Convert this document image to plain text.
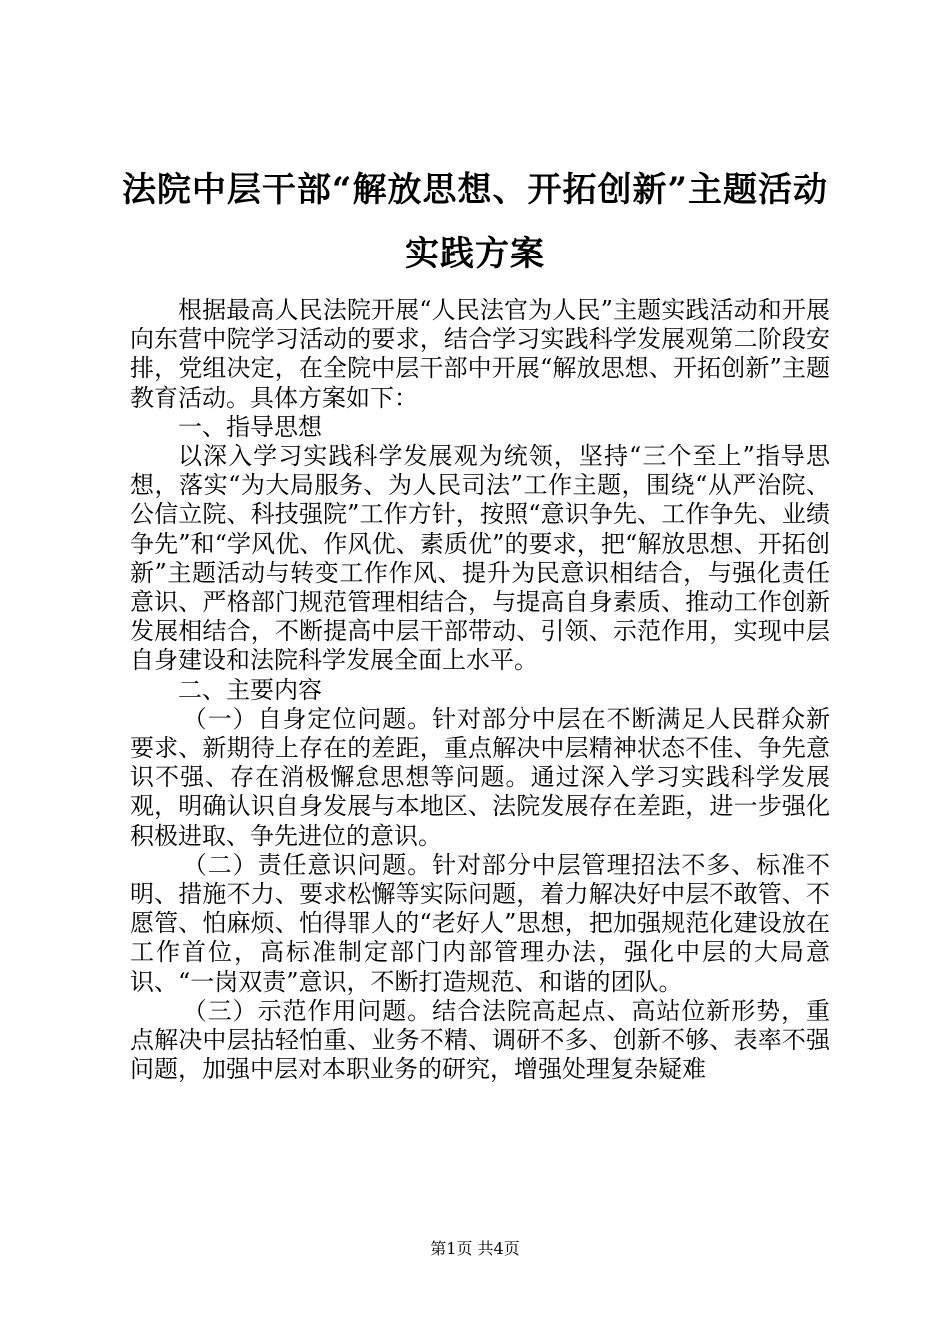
法院中层干部“解放思想、开拓创新”主题活动实践方案

根据最高人民法院开展“人民法官为人民”主题实践活动和开展向东营中院学习活动的要求，结合学习实践科学发展观第二阶段安排，党组决定，在全院中层干部中开展“解放思想、开拓创新”主题教育活动。具体方案如下：

一、指导思想

以深入学习实践科学发展观为统领，坚持“三个至上”指导思想，落实“为大局服务、为人民司法”工作主题，围绕“从严治院、公信立院、科技强院”工作方针，按照“意识争先、工作争先、业绩争先”和“学风优、作风优、素质优”的要求，把“解放思想、开拓创新”主题活动与转变工作作风、提升为民意识相结合，与强化责任意识、严格部门规范管理相结合，与提高自身素质、推动工作创新发展相结合，不断提高中层干部带动、引领、示范作用，实现中层自身建设和法院科学发展全面上水平。

二、主要内容

（一）自身定位问题。针对部分中层在不断满足人民群众新要求、新期待上存在的差距，重点解决中层精神状态不佳、争先意识不强、存在消极懈怠思想等问题。通过深入学习实践科学发展观，明确认识自身发展与本地区、法院发展存在差距，进一步强化积极进取、争先进位的意识。

（二）责任意识问题。针对部分中层管理招法不多、标准不明、措施不力、要求松懈等实际问题，着力解决好中层不敢管、不愿管、怕麻烦、怕得罪人的“老好人”思想，把加强规范化建设放在工作首位，高标准制定部门内部管理办法，强化中层的大局意识、“一岗双责”意识，不断打造规范、和谐的团队。

（三）示范作用问题。结合法院高起点、高站位新形势，重点解决中层拈轻怕重、业务不精、调研不多、创新不够、表率不强问题，加强中层对本职业务的研究，增强处理复杂疑难

第1页 共4页
